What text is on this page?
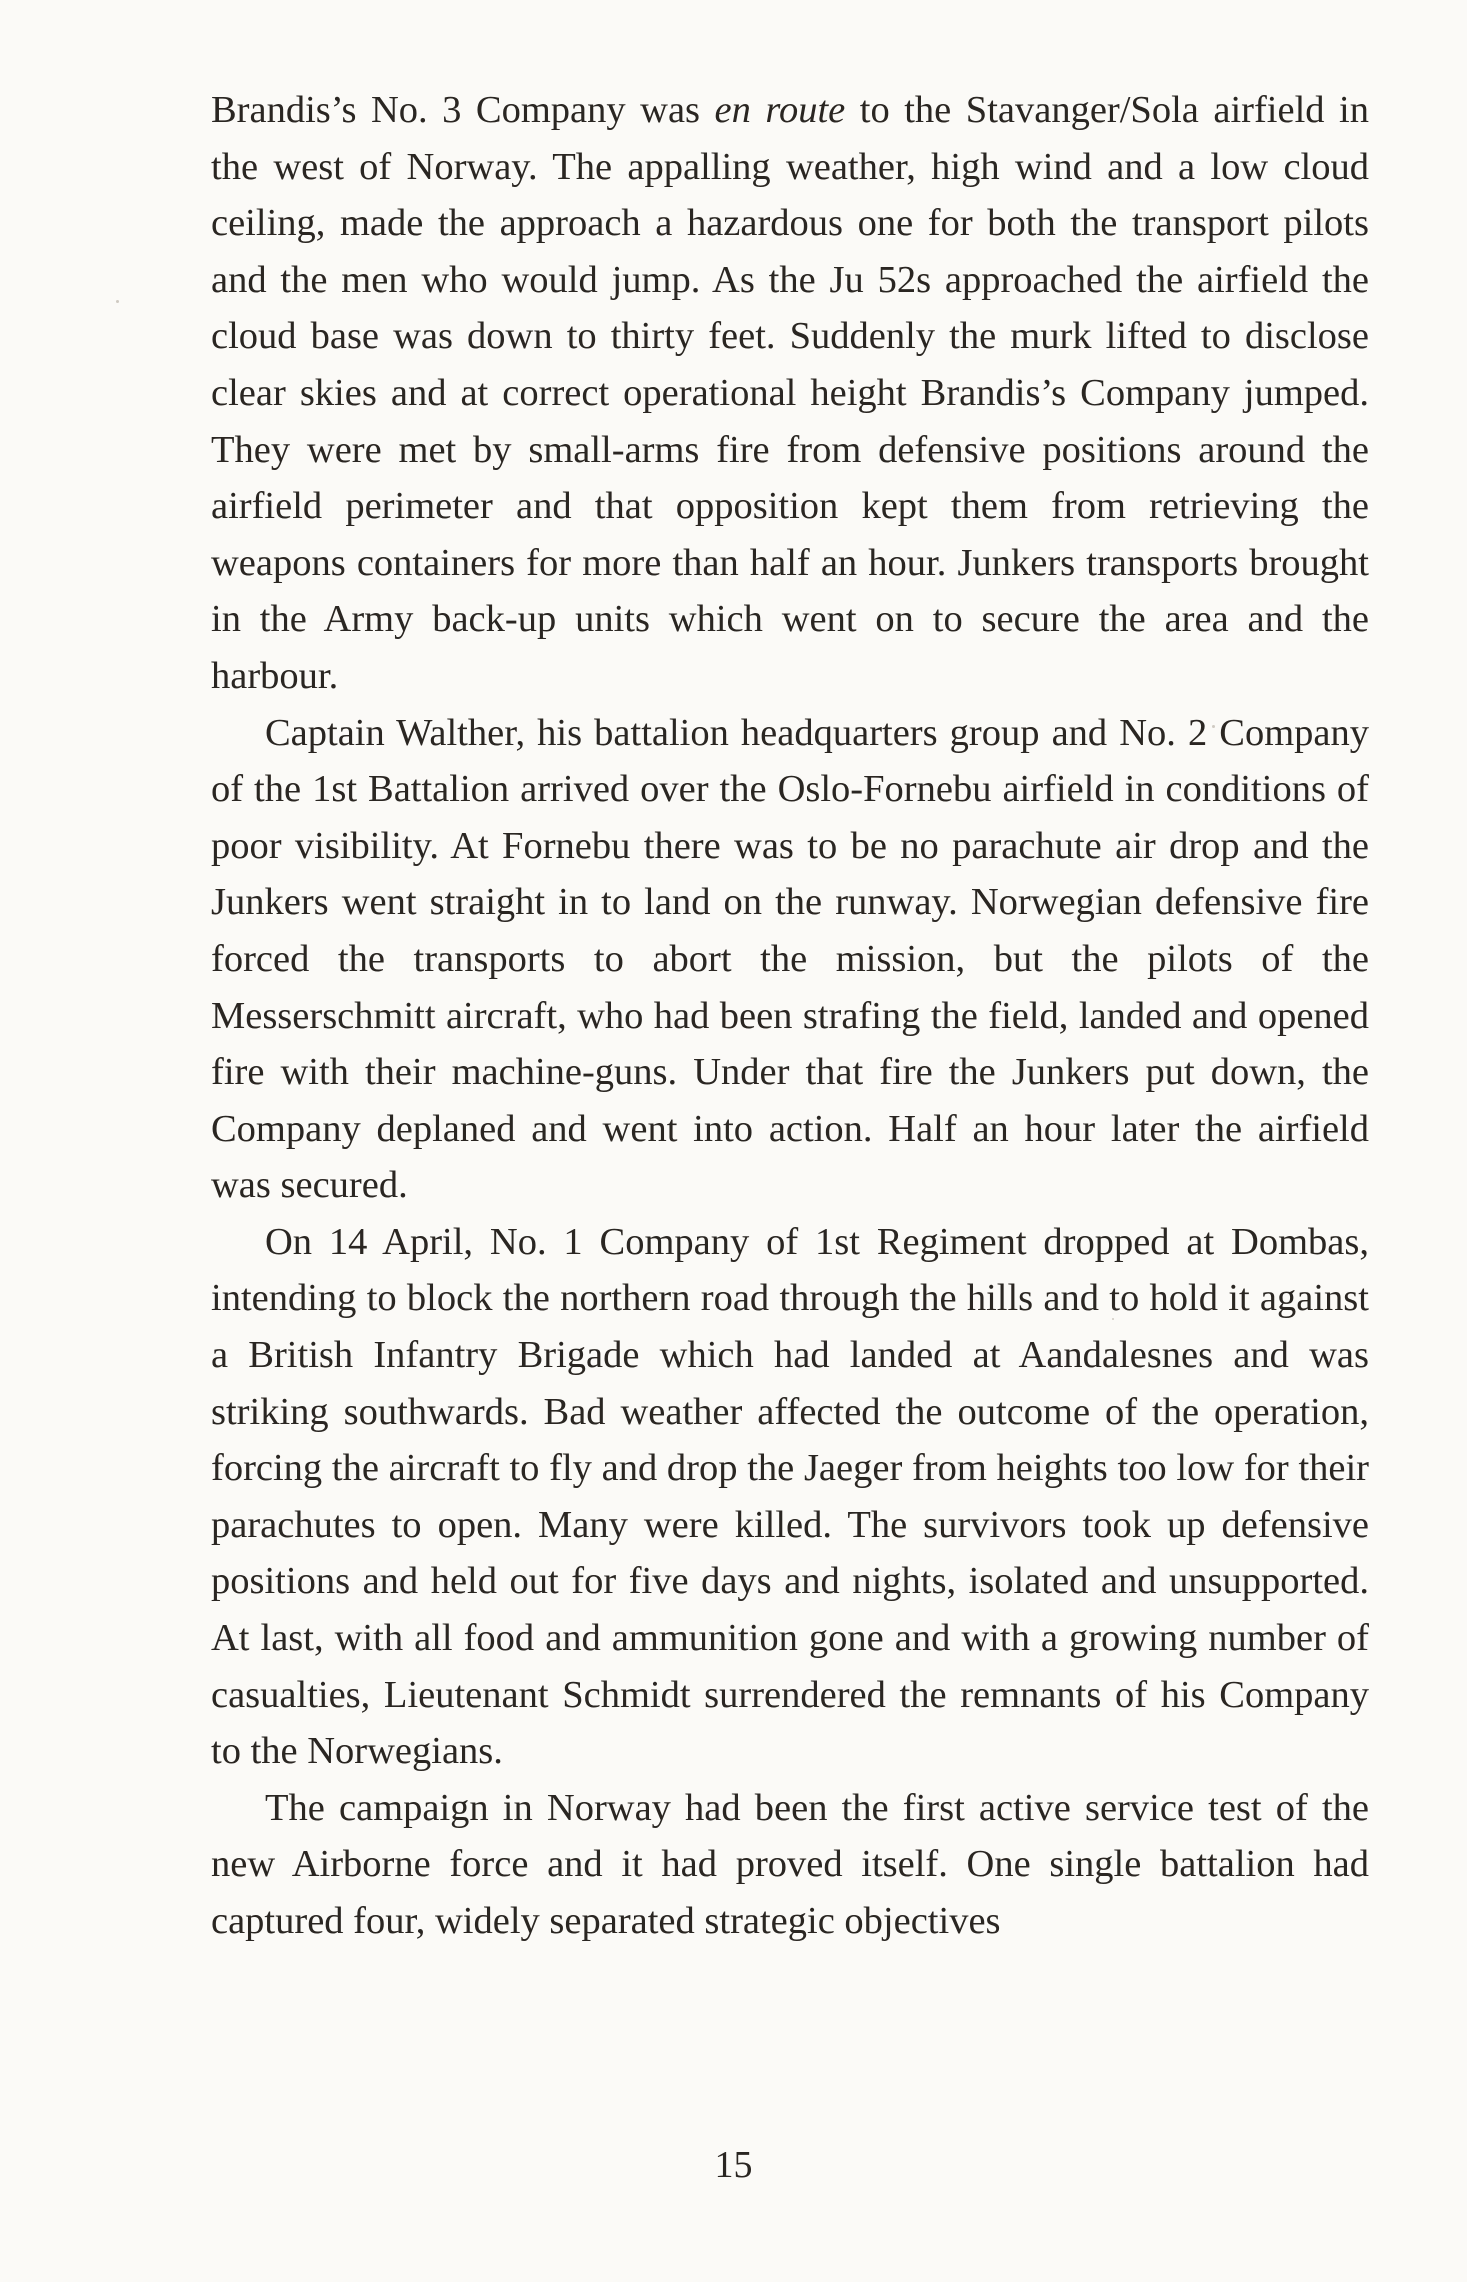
Brandis’s No. 3 Company was en route to the Stavanger/Sola airfield in the west of Norway. The appalling weather, high wind and a low cloud ceiling, made the approach a hazardous one for both the transport pilots and the men who would jump. As the Ju 52s approached the airfield the cloud base was down to thirty feet. Suddenly the murk lifted to disclose clear skies and at correct operational height Brandis’s Company jumped. They were met by small-arms fire from defensive positions around the airfield perimeter and that opposition kept them from retrieving the weapons containers for more than half an hour. Junkers transports brought in the Army back-up units which went on to secure the area and the harbour.

Captain Walther, his battalion headquarters group and No. 2 Company of the 1st Battalion arrived over the Oslo-Fornebu airfield in conditions of poor visibility. At Fornebu there was to be no parachute air drop and the Junkers went straight in to land on the runway. Norwegian defensive fire forced the transports to abort the mission, but the pilots of the Messerschmitt aircraft, who had been strafing the field, landed and opened fire with their machine-guns. Under that fire the Junkers put down, the Company deplaned and went into action. Half an hour later the airfield was secured.

On 14 April, No. 1 Company of 1st Regiment dropped at Dombas, intending to block the northern road through the hills and to hold it against a British Infantry Brigade which had landed at Aandalesnes and was striking southwards. Bad weather affected the outcome of the operation, forcing the aircraft to fly and drop the Jaeger from heights too low for their parachutes to open. Many were killed. The survivors took up defensive positions and held out for five days and nights, isolated and unsupported. At last, with all food and ammunition gone and with a growing number of casualties, Lieutenant Schmidt surrendered the remnants of his Company to the Norwegians.

The campaign in Norway had been the first active service test of the new Airborne force and it had proved itself. One single battalion had captured four, widely separated strategic objectives

15
